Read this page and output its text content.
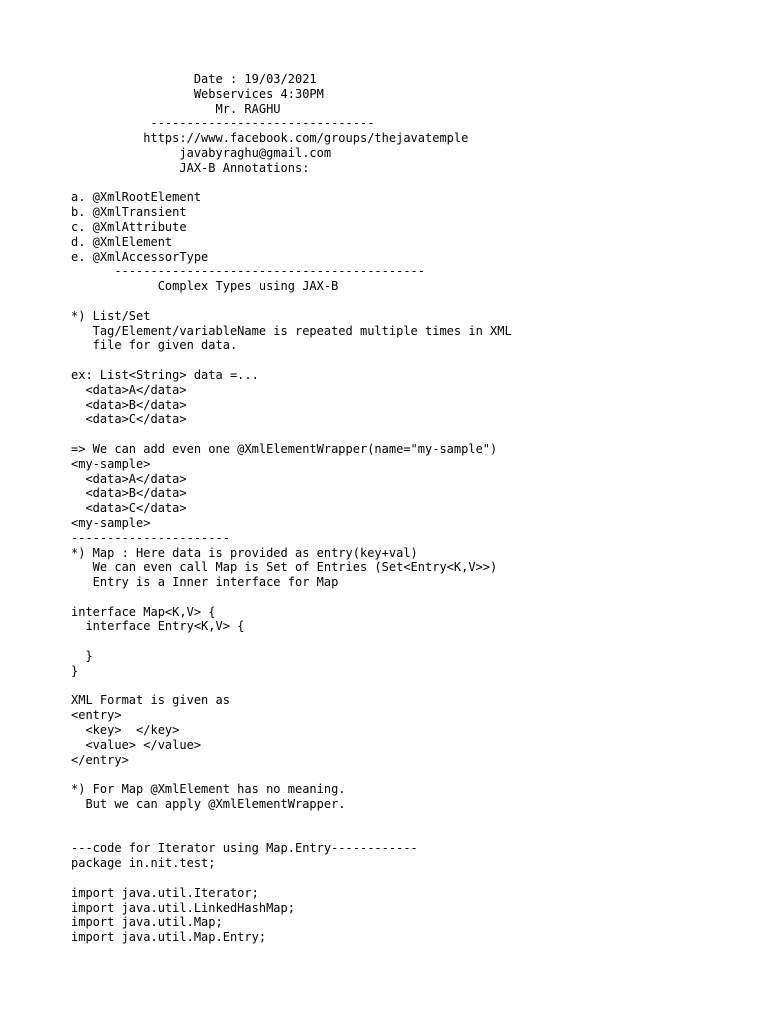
Date : 19/03/2021
Webservices 4:30PM
Mr. RAGHU
-------------------------------
https://www.facebook.com/groups/thejavatemple
javabyraghu@gmail.com
JAX-B Annotations:
a. @XmlRootElement
b. @XmlTransient
c. @XmlAttribute
d. @XmlElement
e. @XmlAccessorType
-------------------------------------------
Complex Types using JAX-B
*) List/Set
Tag/Element/variableName is repeated multiple times in XML
file for given data.
ex: List<String> data =...
<data>A</data>
<data>B</data>
<data>C</data>
=> We can add even one @XmlElementWrapper(name="my-sample")
<my-sample>
<data>A</data>
<data>B</data>
<data>C</data>
<my-sample>
----------------------
*) Map : Here data is provided as entry(key+val)
We can even call Map is Set of Entries (Set<Entry<K,V>>)
Entry is a Inner interface for Map
interface Map<K,V> {
interface Entry<K,V> {
}
}
XML Format is given as
<entry>
<key>  </key>
<value> </value>
</entry>
*) For Map @XmlElement has no meaning.
But we can apply @XmlElementWrapper.
---code for Iterator using Map.Entry------------
package in.nit.test;
import java.util.Iterator;
import java.util.LinkedHashMap;
import java.util.Map;
import java.util.Map.Entry;
